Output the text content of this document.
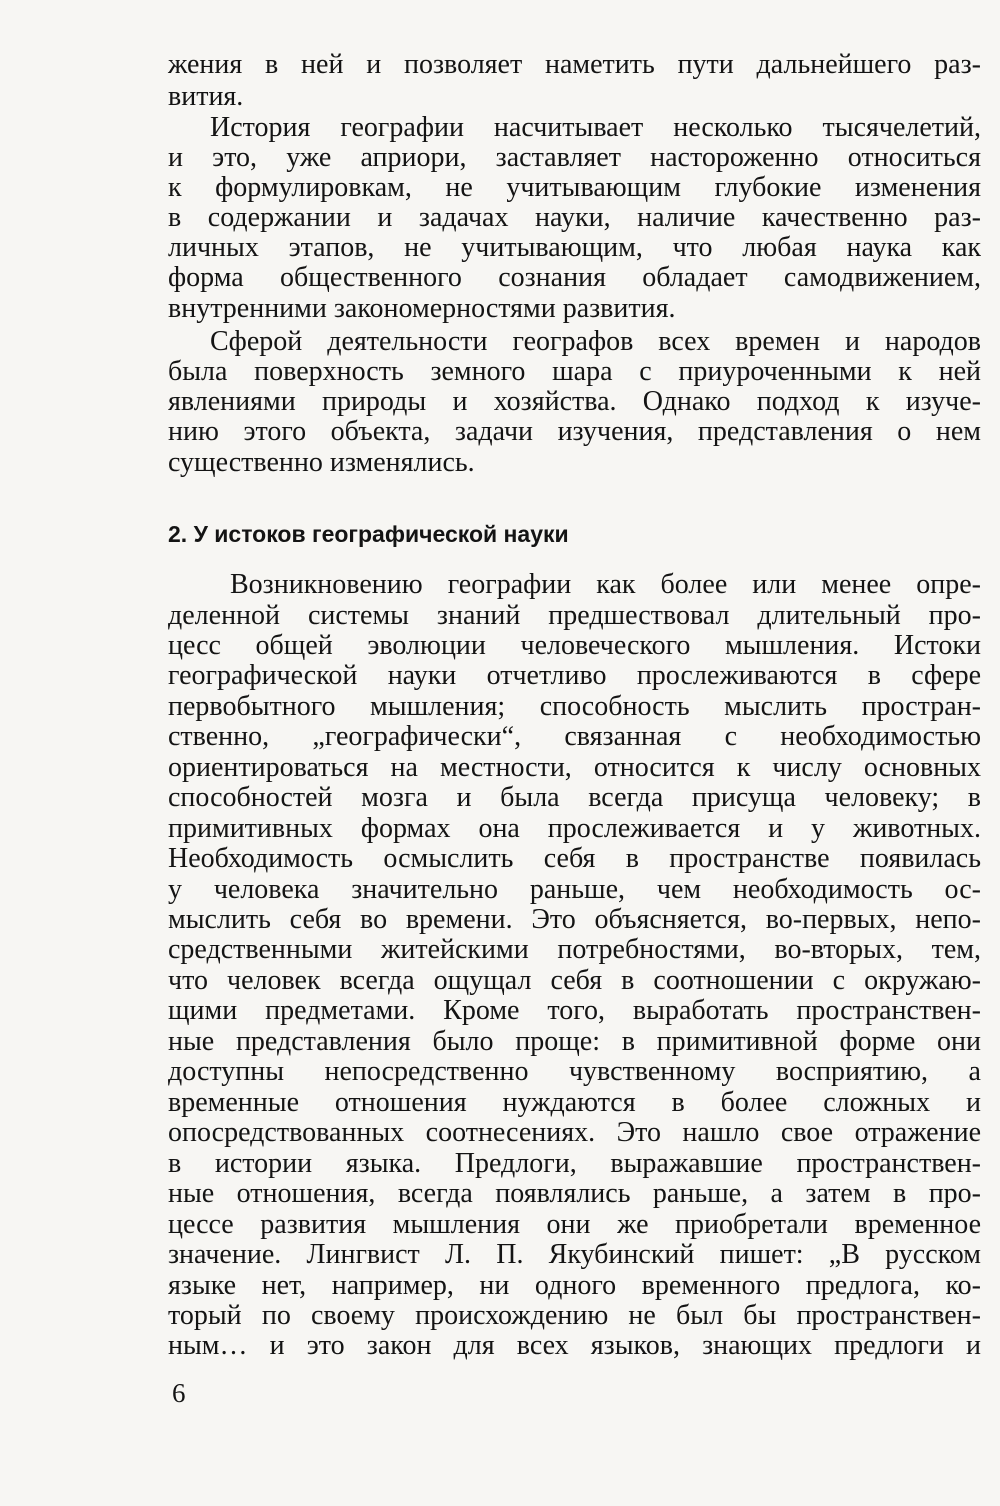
жения в ней и позволяет наметить пути дальнейшего раз-
вития.
История географии насчитывает несколько тысячелетий,
и это, уже априори, заставляет настороженно относиться
к формулировкам, не учитывающим глубокие изменения
в содержании и задачах науки, наличие качественно раз-
личных этапов, не учитывающим, что любая наука как
форма общественного сознания обладает самодвижением,
внутренними закономерностями развития.
Сферой деятельности географов всех времен и народов
была поверхность земного шара с приуроченными к ней
явлениями природы и хозяйства. Однако подход к изуче-
нию этого объекта, задачи изучения, представления о нем
существенно изменялись.
2. У истоков географической науки
Возникновению географии как более или менее опре-
деленной системы знаний предшествовал длительный про-
цесс общей эволюции человеческого мышления. Истоки
географической науки отчетливо прослеживаются в сфере
первобытного мышления; способность мыслить простран-
ственно, „географически“, связанная с необходимостью
ориентироваться на местности, относится к числу основных
способностей мозга и была всегда присуща человеку; в
примитивных формах она прослеживается и у животных.
Необходимость осмыслить себя в пространстве появилась
у человека значительно раньше, чем необходимость ос-
мыслить себя во времени. Это объясняется, во-первых, непо-
средственными житейскими потребностями, во-вторых, тем,
что человек всегда ощущал себя в соотношении с окружаю-
щими предметами. Кроме того, выработать пространствен-
ные представления было проще: в примитивной форме они
доступны непосредственно чувственному восприятию, а
временные отношения нуждаются в более сложных и
опосредствованных соотнесениях. Это нашло свое отражение
в истории языка. Предлоги, выражавшие пространствен-
ные отношения, всегда появлялись раньше, а затем в про-
цессе развития мышления они же приобретали временное
значение. Лингвист Л. П. Якубинский пишет: „В русском
языке нет, например, ни одного временного предлога, ко-
торый по своему происхождению не был бы пространствен-
ным… и это закон для всех языков, знающих предлоги и
6
